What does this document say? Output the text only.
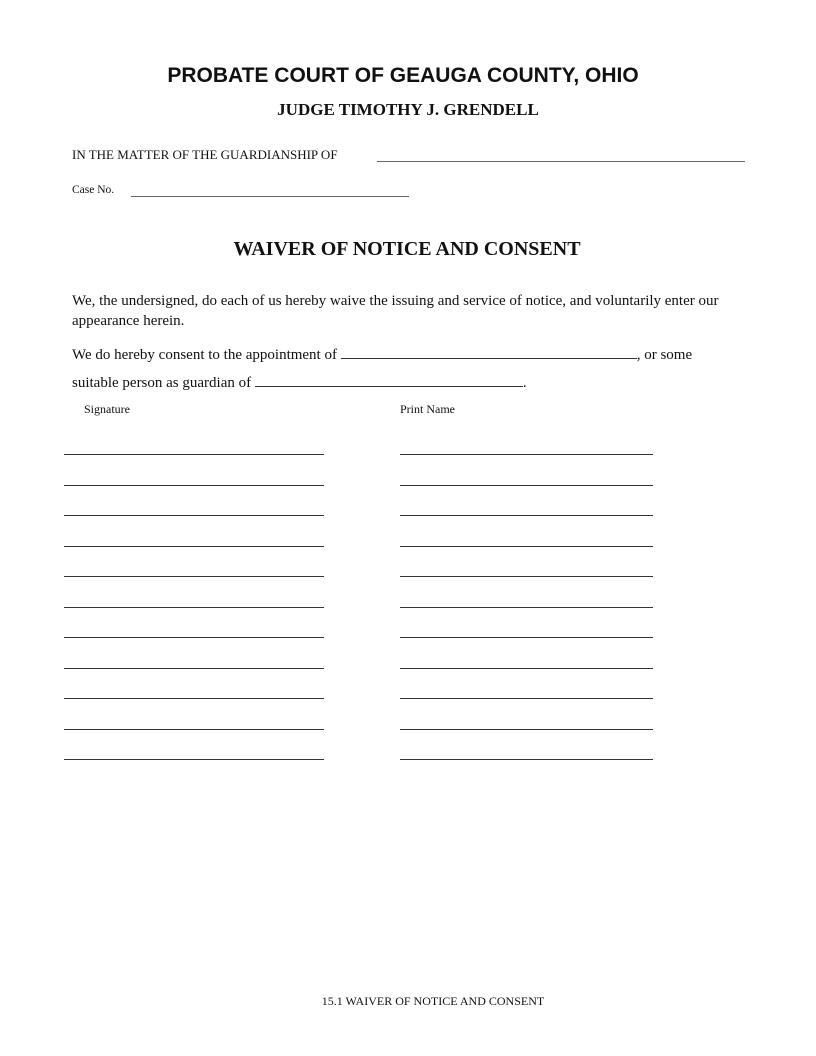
PROBATE COURT OF GEAUGA COUNTY, OHIO
JUDGE TIMOTHY J. GRENDELL
IN THE MATTER OF THE GUARDIANSHIP OF
Case No.
WAIVER OF NOTICE AND CONSENT
We, the undersigned, do each of us hereby waive the issuing and service of notice, and voluntarily enter our appearance herein.
We do hereby consent to the appointment of	, or some
suitable person as guardian of	.
Signature	Print Name
15.1 WAIVER OF NOTICE AND CONSENT
